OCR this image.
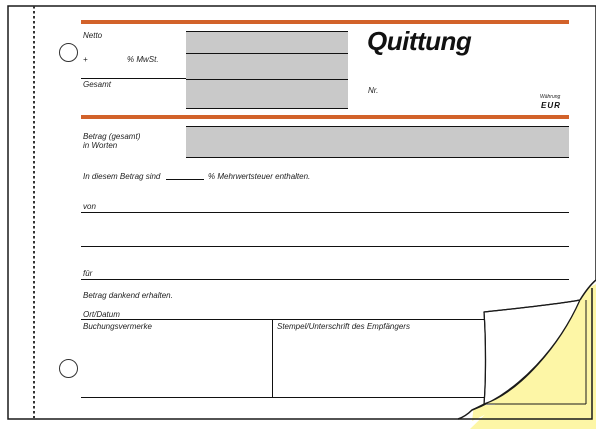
Netto
+	% MwSt.
Gesamt
Quittung
Nr.
Währung
EUR
Betrag (gesamt)
in Worten
In diesem Betrag sind	% Mehrwertsteuer enthalten.
von
für
Betrag dankend erhalten.
Ort/Datum
Buchungsvermerke	Stempel/Unterschrift des Empfängers
